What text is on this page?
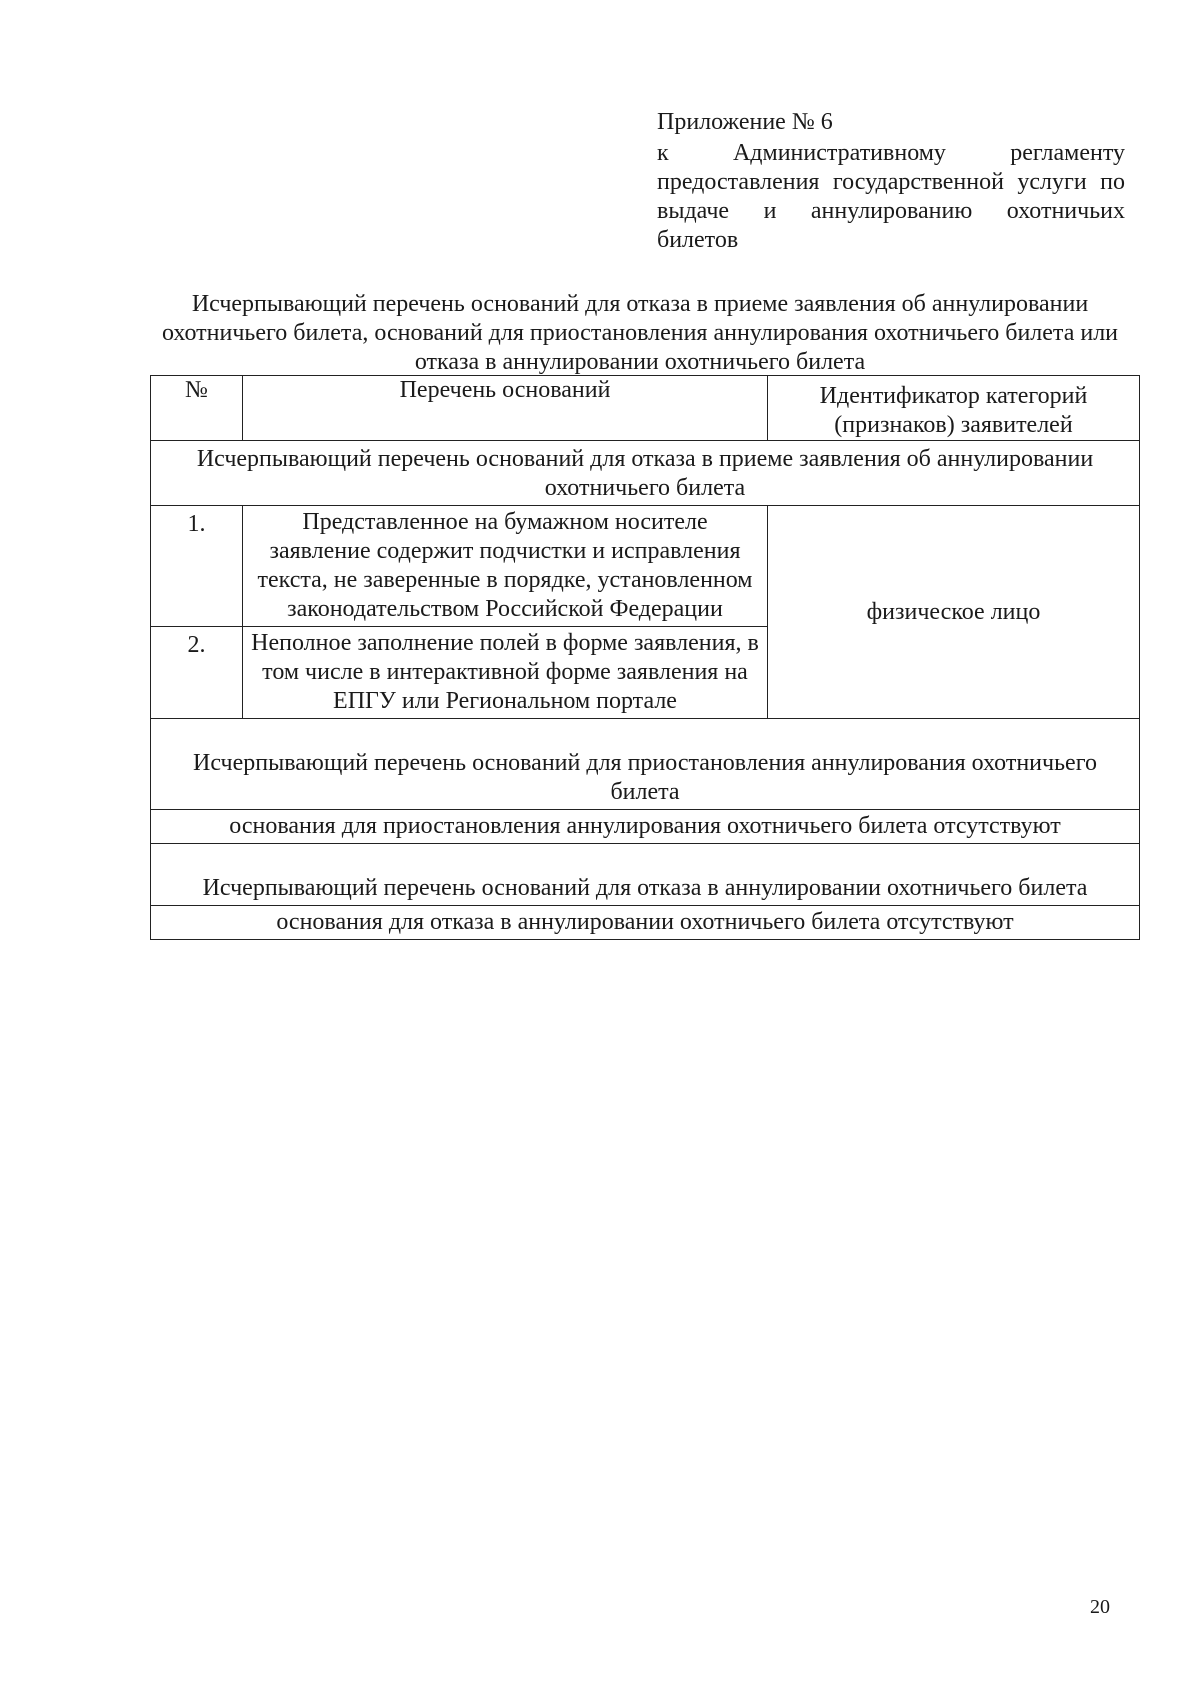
Приложение № 6
к Административному регламенту предоставления государственной услуги по выдаче и аннулированию охотничьих билетов
Исчерпывающий перечень оснований для отказа в приеме заявления об аннулировании охотничьего билета, оснований для приостановления аннулирования охотничьего билета или отказа в аннулировании охотничьего билета
№	Перечень оснований	Идентификатор категорий (признаков) заявителей
Исчерпывающий перечень оснований для отказа в приеме заявления об аннулировании охотничьего билета		
1.	Представленное на бумажном носителе заявление содержит подчистки и исправления текста, не заверенные в порядке, установленном законодательством Российской Федерации	физическое лицо
2.	Неполное заполнение полей в форме заявления, в том числе в интерактивной форме заявления на ЕПГУ или Региональном портале	
Исчерпывающий перечень оснований для приостановления аннулирования охотничьего билета		
основания для приостановления аннулирования охотничьего билета отсутствуют		
Исчерпывающий перечень оснований для отказа в аннулировании охотничьего билета		
основания для отказа в аннулировании охотничьего билета отсутствуют		
20
